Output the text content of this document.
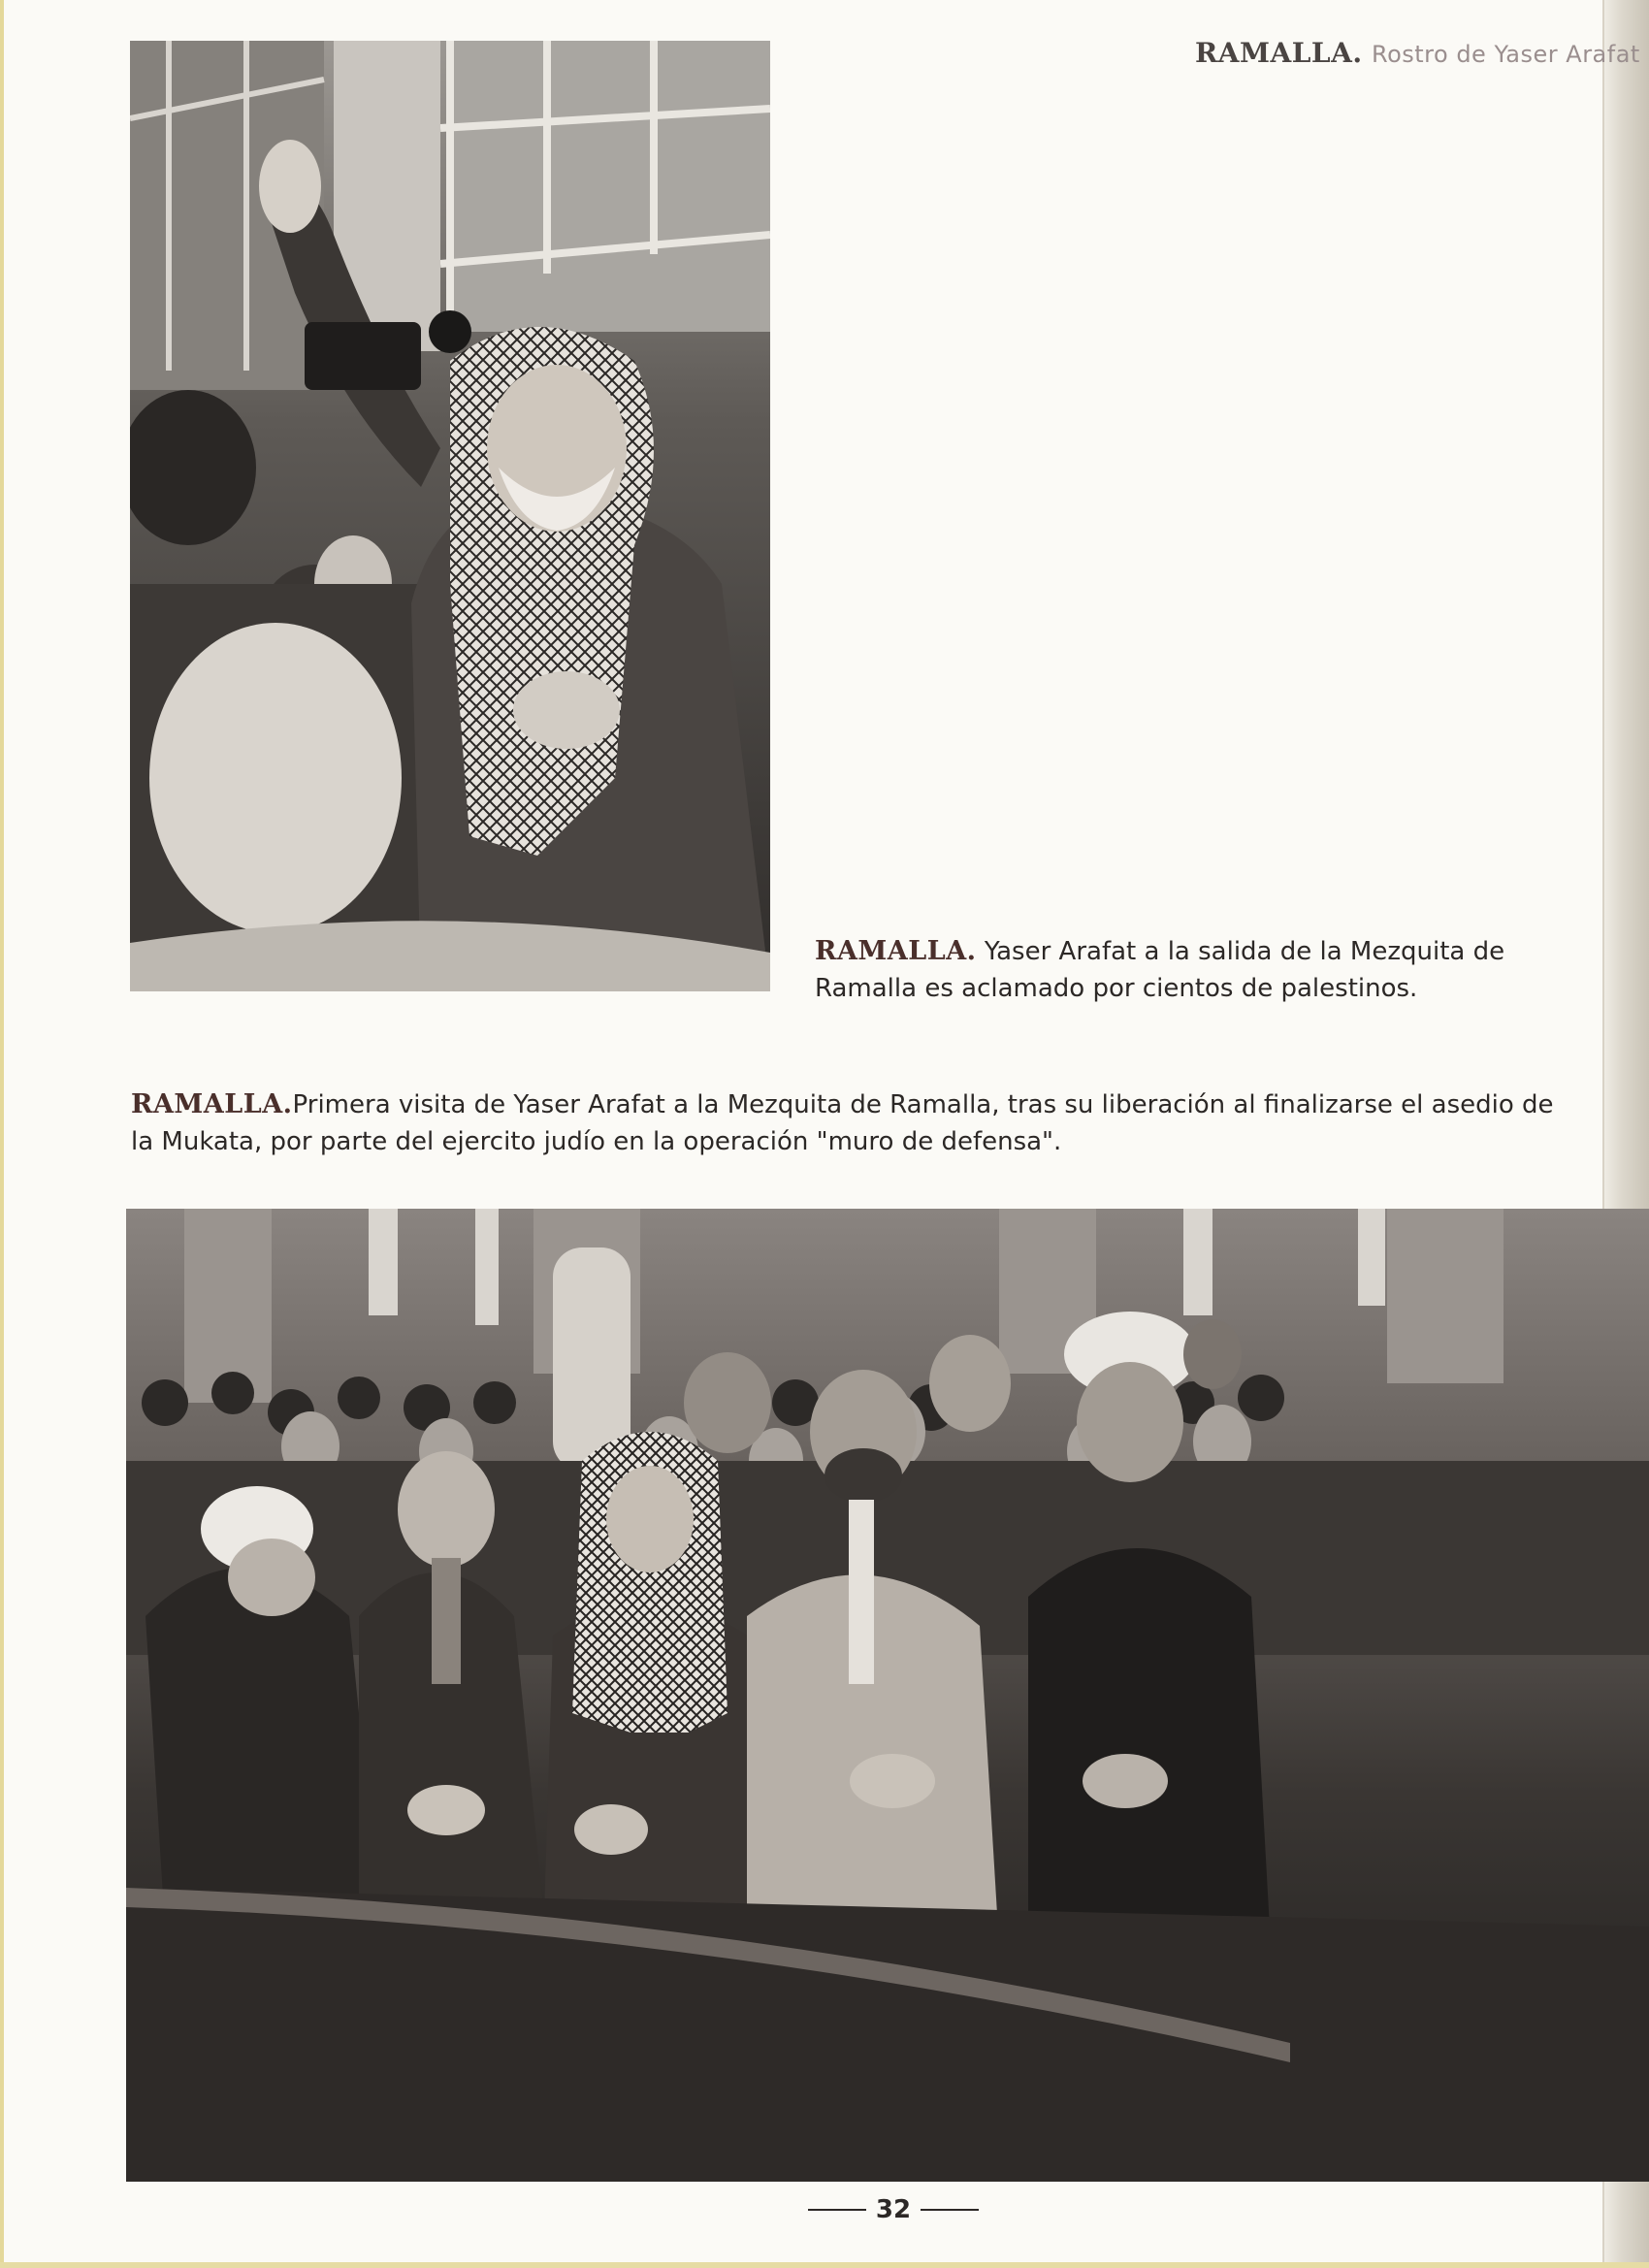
RAMALLA. Rostro de Yaser Arafat
RAMALLA. Yaser Arafat a la salida de la Mezquita de Ramalla es aclamado por cientos de palestinos.
RAMALLA.Primera visita de Yaser Arafat a la Mezquita de Ramalla, tras su liberación al finalizarse el asedio de la Mukata, por parte del ejercito judío en la operación "muro de defensa".
32
